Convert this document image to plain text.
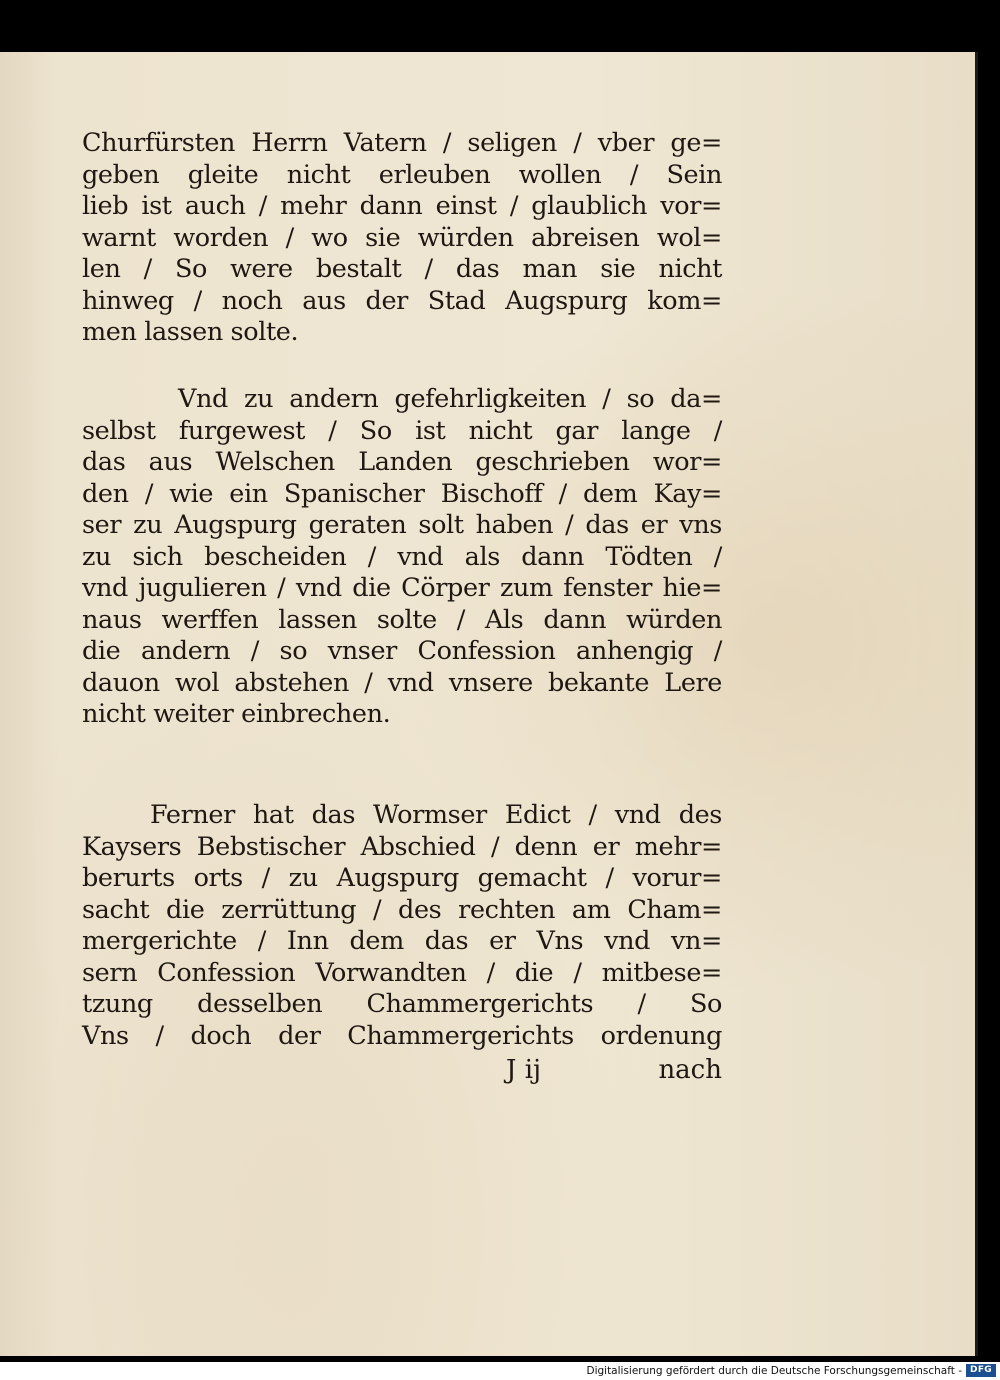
Churfürsten Herrn Vatern / seligen / vber ge=
geben gleite nicht erleuben wollen / Sein
lieb ist auch / mehr dann einst / glaublich vor=
warnt worden / wo sie würden abreisen wol=
len / So were bestalt / das man sie nicht
hinweg / noch aus der Stad Augspurg kom=
men lassen solte.
Vnd zu andern gefehrligkeiten / so da=
selbst furgewest / So ist nicht gar lange /
das aus Welschen Landen geschrieben wor=
den / wie ein Spanischer Bischoff / dem Kay=
ser zu Augspurg geraten solt haben / das er vns
zu sich bescheiden / vnd als dann Tödten /
vnd jugulieren / vnd die Cörper zum fenster hie=
naus werffen lassen solte / Als dann würden
die andern / so vnser Confession anhengig /
dauon wol abstehen / vnd vnsere bekante Lere
nicht weiter einbrechen.
Ferner hat das Wormser Edict / vnd des
Kaysers Bebstischer Abschied / denn er mehr=
berurts orts / zu Augspurg gemacht / vorur=
sacht die zerrüttung / des rechten am Cham=
mergerichte / Inn dem das er Vns vnd vn=
sern Confession Vorwandten / die / mitbese=
tzung desselben Chammergerichts / So
Vns / doch der Chammergerichts ordenung
J ij	nach
Digitalisierung gefördert durch die Deutsche Forschungsgemeinschaft - DFG
